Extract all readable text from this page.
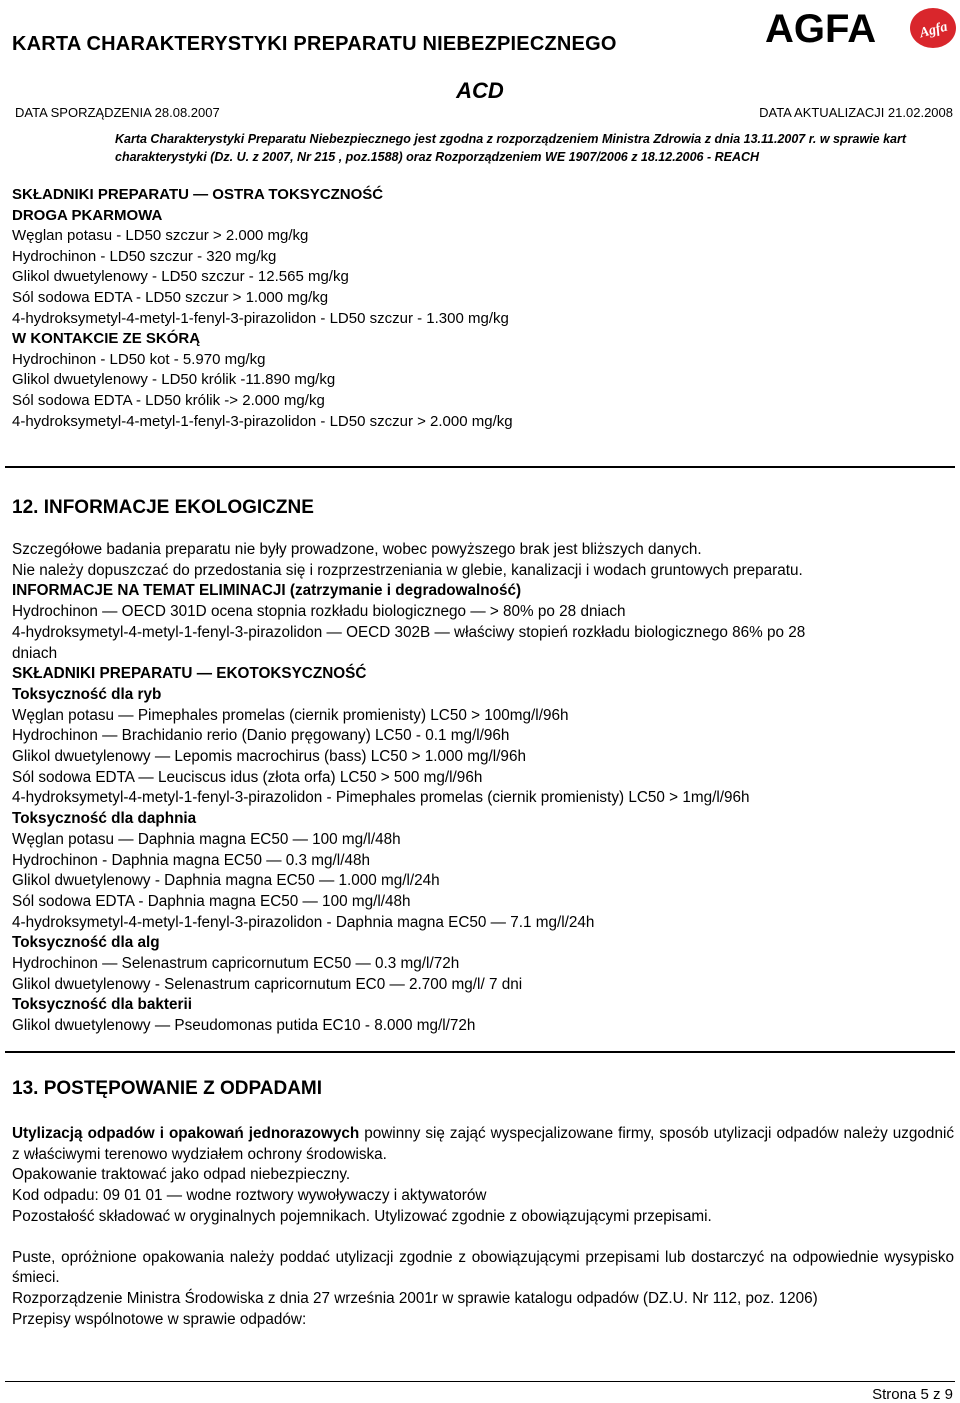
KARTA CHARAKTERYSTYKI PREPARATU NIEBEZPIECZNEGO	AGFA	Agfa
ACD
DATA SPORZĄDZENIA 28.08.2007	DATA AKTUALIZACJI 21.02.2008
Karta Charakterystyki Preparatu Niebezpiecznego jest zgodna z rozporządzeniem Ministra Zdrowia z dnia 13.11.2007 r. w sprawie kart
charakterystyki (Dz. U. z 2007, Nr 215 , poz.1588) oraz Rozporządzeniem WE 1907/2006 z 18.12.2006 - REACH
SKŁADNIKI PREPARATU — OSTRA TOKSYCZNOŚĆ
DROGA PKARMOWA
Węglan potasu - LD50 szczur > 2.000 mg/kg
Hydrochinon - LD50 szczur - 320 mg/kg
Glikol dwuetylenowy - LD50 szczur - 12.565 mg/kg
Sól sodowa EDTA - LD50 szczur > 1.000 mg/kg
4-hydroksymetyl-4-metyl-1-fenyl-3-pirazolidon - LD50 szczur - 1.300 mg/kg
W KONTAKCIE ZE SKÓRĄ
Hydrochinon - LD50 kot - 5.970 mg/kg
Glikol dwuetylenowy - LD50 królik -11.890 mg/kg
Sól sodowa EDTA - LD50 królik -> 2.000 mg/kg
4-hydroksymetyl-4-metyl-1-fenyl-3-pirazolidon - LD50 szczur > 2.000 mg/kg
12. INFORMACJE EKOLOGICZNE
Szczegółowe badania preparatu nie były prowadzone, wobec powyższego brak jest bliższych danych.
Nie należy dopuszczać do przedostania się i rozprzestrzeniania w glebie, kanalizacji i wodach gruntowych preparatu.
INFORMACJE NA TEMAT ELIMINACJI (zatrzymanie i degradowalność)
Hydrochinon — OECD 301D ocena stopnia rozkładu biologicznego — > 80% po 28 dniach
4-hydroksymetyl-4-metyl-1-fenyl-3-pirazolidon — OECD 302B — właściwy stopień rozkładu biologicznego 86% po 28
dniach
SKŁADNIKI PREPARATU — EKOTOKSYCZNOŚĆ
Toksyczność dla ryb
Węglan potasu — Pimephales promelas (ciernik promienisty) LC50 > 100mg/l/96h
Hydrochinon — Brachidanio rerio (Danio pręgowany) LC50 - 0.1 mg/l/96h
Glikol dwuetylenowy — Lepomis macrochirus (bass) LC50 > 1.000 mg/l/96h
Sól sodowa EDTA — Leuciscus idus (złota orfa) LC50 > 500 mg/l/96h
4-hydroksymetyl-4-metyl-1-fenyl-3-pirazolidon - Pimephales promelas (ciernik promienisty) LC50 > 1mg/l/96h
Toksyczność dla daphnia
Węglan potasu — Daphnia magna EC50 — 100 mg/l/48h
Hydrochinon - Daphnia magna EC50 — 0.3 mg/l/48h
Glikol dwuetylenowy - Daphnia magna EC50 — 1.000 mg/l/24h
Sól sodowa EDTA - Daphnia magna EC50 — 100 mg/l/48h
4-hydroksymetyl-4-metyl-1-fenyl-3-pirazolidon - Daphnia magna EC50 — 7.1 mg/l/24h
Toksyczność dla alg
Hydrochinon — Selenastrum capricornutum EC50 — 0.3 mg/l/72h
Glikol dwuetylenowy - Selenastrum capricornutum EC0 — 2.700 mg/l/ 7 dni
Toksyczność dla bakterii
Glikol dwuetylenowy — Pseudomonas putida EC10 - 8.000 mg/l/72h
13. POSTĘPOWANIE Z ODPADAMI
Utylizacją odpadów i opakowań jednorazowych powinny się zająć wyspecjalizowane firmy, sposób utylizacji odpadów należy uzgodnić z właściwymi terenowo wydziałem ochrony środowiska.
Opakowanie traktować jako odpad niebezpieczny.
Kod odpadu: 09 01 01 — wodne roztwory wywoływaczy i aktywatorów
Pozostałość składować w oryginalnych pojemnikach. Utylizować zgodnie z obowiązującymi przepisami.
Puste, opróżnione opakowania należy poddać utylizacji zgodnie z obowiązującymi przepisami lub dostarczyć na odpowiednie wysypisko śmieci.
Rozporządzenie Ministra Środowiska z dnia 27 września 2001r w sprawie katalogu odpadów (DZ.U. Nr 112, poz. 1206)
Przepisy wspólnotowe w sprawie odpadów:
Strona 5 z 9
